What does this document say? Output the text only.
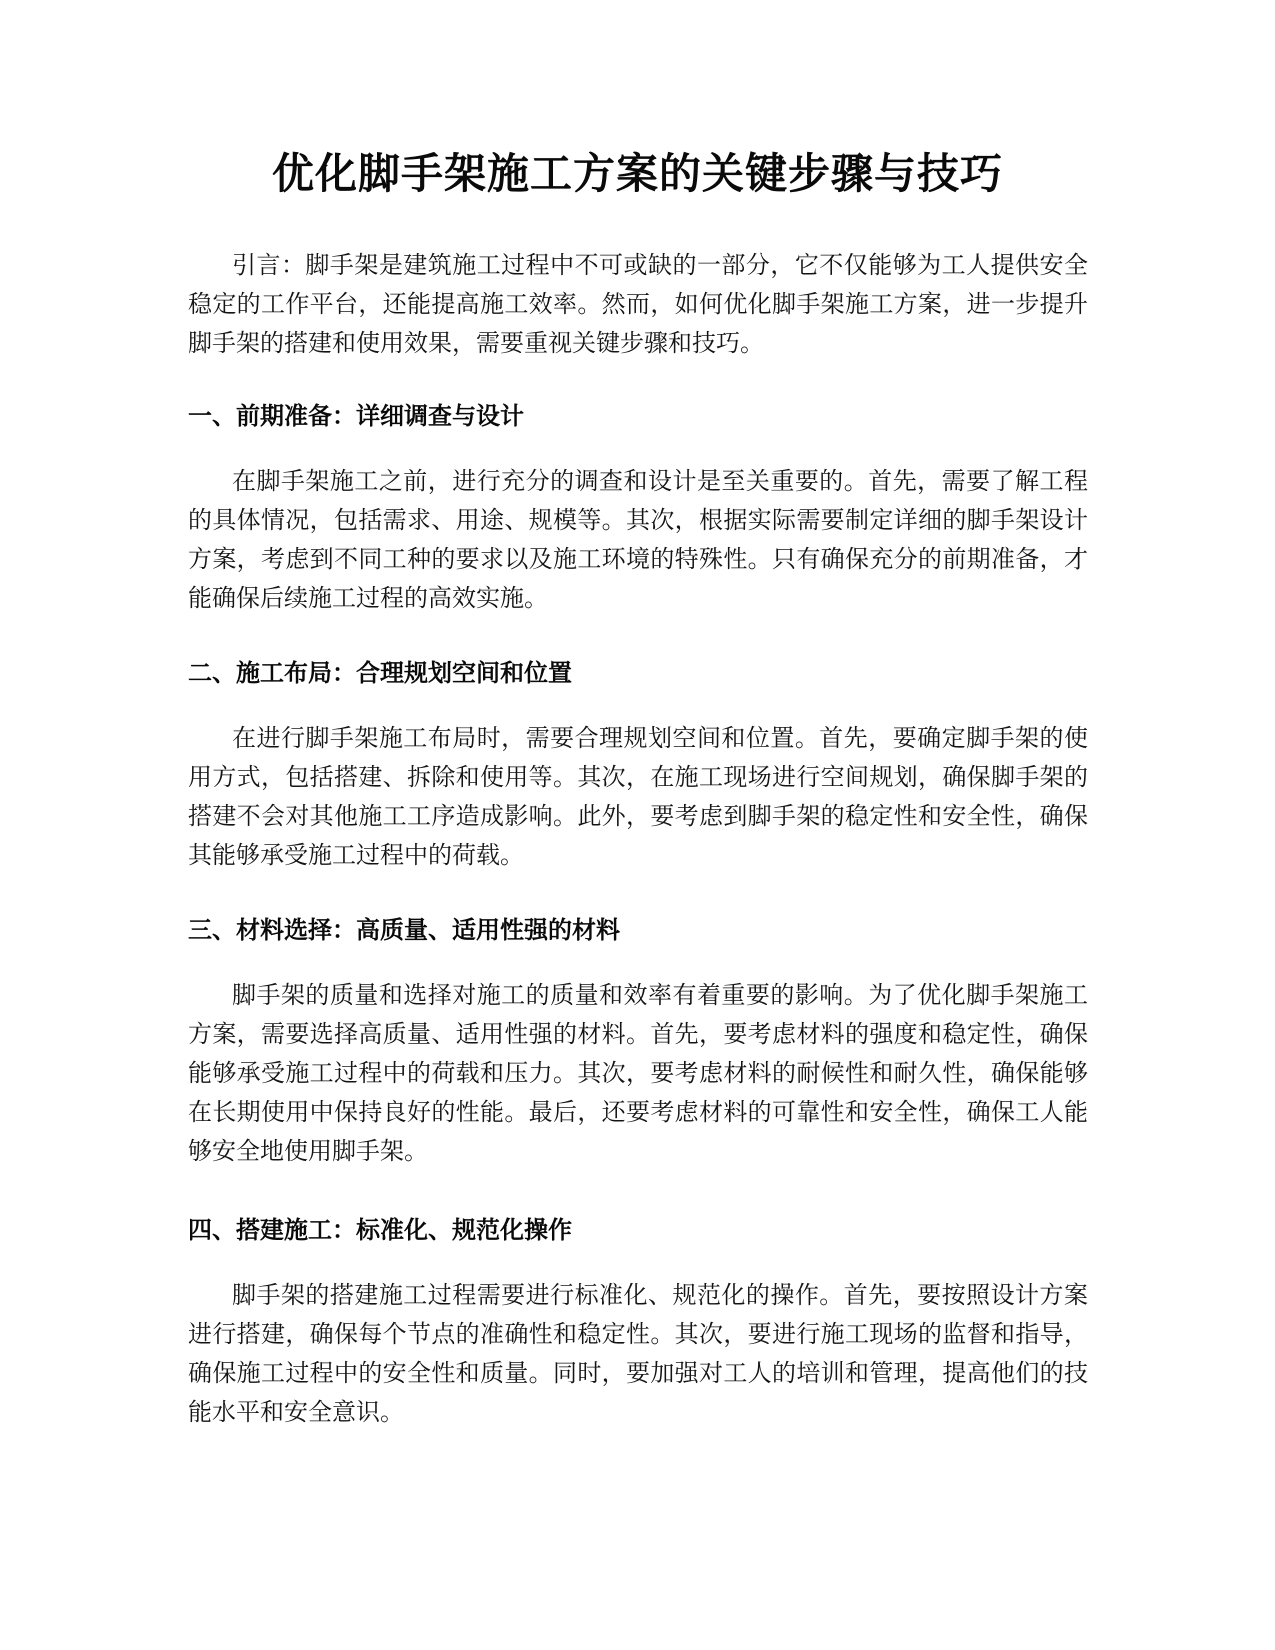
优化脚手架施工方案的关键步骤与技巧

引言：脚手架是建筑施工过程中不可或缺的一部分，它不仅能够为工人提供安全稳定的工作平台，还能提高施工效率。然而，如何优化脚手架施工方案，进一步提升脚手架的搭建和使用效果，需要重视关键步骤和技巧。

一、前期准备：详细调查与设计

在脚手架施工之前，进行充分的调查和设计是至关重要的。首先，需要了解工程的具体情况，包括需求、用途、规模等。其次，根据实际需要制定详细的脚手架设计方案，考虑到不同工种的要求以及施工环境的特殊性。只有确保充分的前期准备，才能确保后续施工过程的高效实施。

二、施工布局：合理规划空间和位置

在进行脚手架施工布局时，需要合理规划空间和位置。首先，要确定脚手架的使用方式，包括搭建、拆除和使用等。其次，在施工现场进行空间规划，确保脚手架的搭建不会对其他施工工序造成影响。此外，要考虑到脚手架的稳定性和安全性，确保其能够承受施工过程中的荷载。

三、材料选择：高质量、适用性强的材料

脚手架的质量和选择对施工的质量和效率有着重要的影响。为了优化脚手架施工方案，需要选择高质量、适用性强的材料。首先，要考虑材料的强度和稳定性，确保能够承受施工过程中的荷载和压力。其次，要考虑材料的耐候性和耐久性，确保能够在长期使用中保持良好的性能。最后，还要考虑材料的可靠性和安全性，确保工人能够安全地使用脚手架。

四、搭建施工：标准化、规范化操作

脚手架的搭建施工过程需要进行标准化、规范化的操作。首先，要按照设计方案进行搭建，确保每个节点的准确性和稳定性。其次，要进行施工现场的监督和指导，确保施工过程中的安全性和质量。同时，要加强对工人的培训和管理，提高他们的技能水平和安全意识。
